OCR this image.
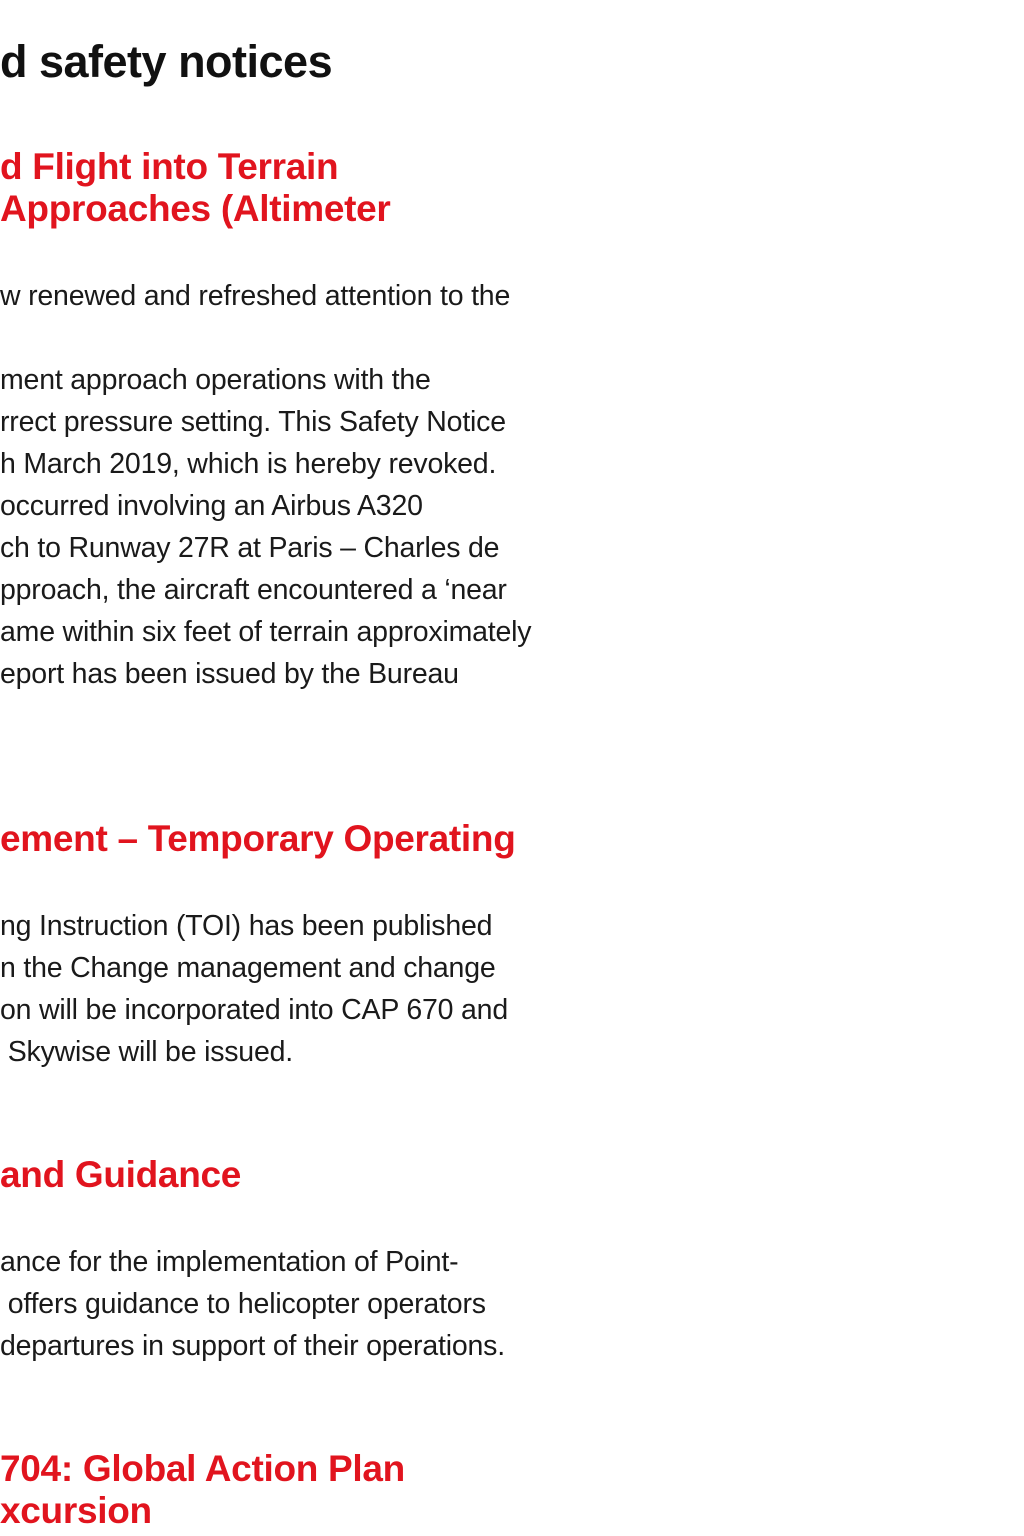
d safety notices
d Flight into Terrain
Approaches (Altimeter
w renewed and refreshed attention to the
ment approach operations with the
rrect pressure setting. This Safety Notice
h March 2019, which is hereby revoked.
occurred involving an Airbus A320
ch to Runway 27R at Paris – Charles de
pproach, the aircraft encountered a ‘near
ame within six feet of terrain approximately
eport has been issued by the Bureau
ement – Temporary Operating
ng Instruction (TOI) has been published
n the Change management and change
on will be incorporated into CAP 670 and
Skywise will be issued.
and Guidance
ance for the implementation of Point-
offers guidance to helicopter operators
departures in support of their operations.
704: Global Action Plan
xcursion
